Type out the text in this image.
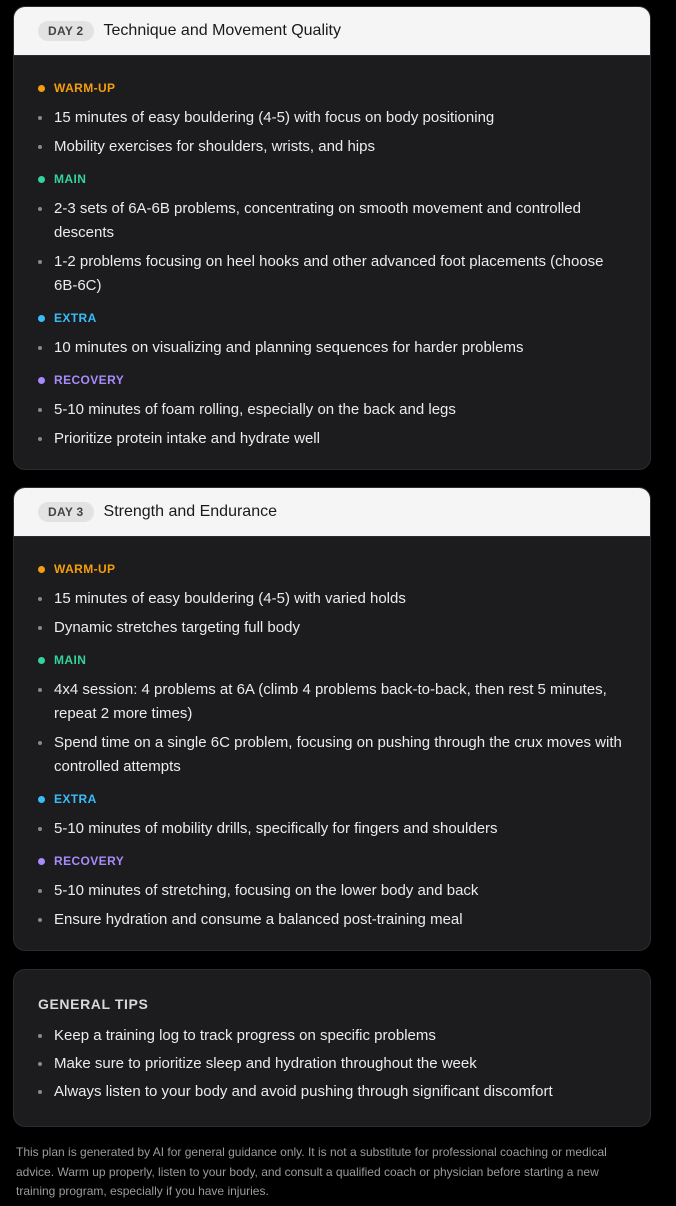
DAY 2	Technique and Movement Quality
WARM-UP
15 minutes of easy bouldering (4-5) with focus on body positioning
Mobility exercises for shoulders, wrists, and hips
MAIN
2-3 sets of 6A-6B problems, concentrating on smooth movement and controlled descents
1-2 problems focusing on heel hooks and other advanced foot placements (choose 6B-6C)
EXTRA
10 minutes on visualizing and planning sequences for harder problems
RECOVERY
5-10 minutes of foam rolling, especially on the back and legs
Prioritize protein intake and hydrate well
DAY 3	Strength and Endurance
WARM-UP
15 minutes of easy bouldering (4-5) with varied holds
Dynamic stretches targeting full body
MAIN
4x4 session: 4 problems at 6A (climb 4 problems back-to-back, then rest 5 minutes, repeat 2 more times)
Spend time on a single 6C problem, focusing on pushing through the crux moves with controlled attempts
EXTRA
5-10 minutes of mobility drills, specifically for fingers and shoulders
RECOVERY
5-10 minutes of stretching, focusing on the lower body and back
Ensure hydration and consume a balanced post-training meal
GENERAL TIPS
Keep a training log to track progress on specific problems
Make sure to prioritize sleep and hydration throughout the week
Always listen to your body and avoid pushing through significant discomfort
This plan is generated by AI for general guidance only. It is not a substitute for professional coaching or medical advice. Warm up properly, listen to your body, and consult a qualified coach or physician before starting a new training program, especially if you have injuries.
